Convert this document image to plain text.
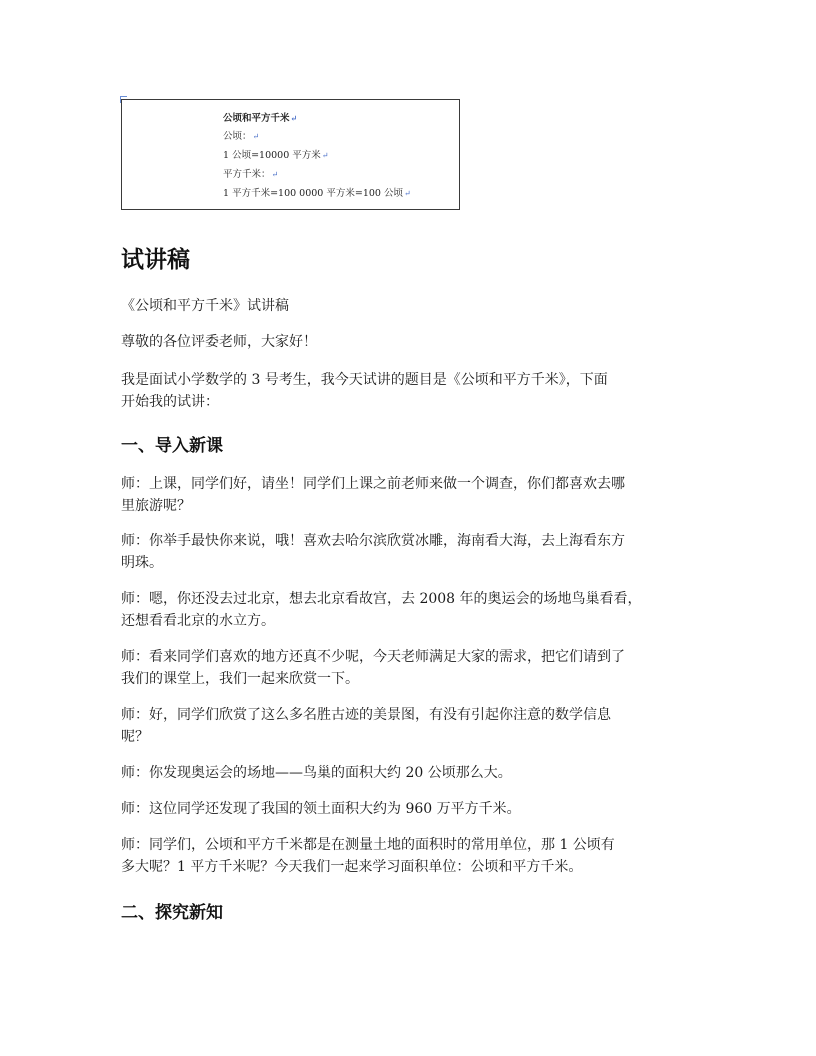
公顷和平方千米↵
公顷：↵
1 公顷=10000 平方米↵
平方千米：↵
1 平方千米=100 0000 平方米=100 公顷↵
试讲稿
《公顷和平方千米》试讲稿
尊敬的各位评委老师，大家好！
我是面试小学数学的 3 号考生，我今天试讲的题目是《公顷和平方千米》，下面
开始我的试讲：
一、导入新课
师：上课，同学们好，请坐！同学们上课之前老师来做一个调查，你们都喜欢去哪
里旅游呢？
师：你举手最快你来说，哦！喜欢去哈尔滨欣赏冰雕，海南看大海，去上海看东方
明珠。
师：嗯，你还没去过北京，想去北京看故宫，去 2008 年的奥运会的场地鸟巢看看，
还想看看北京的水立方。
师：看来同学们喜欢的地方还真不少呢，今天老师满足大家的需求，把它们请到了
我们的课堂上，我们一起来欣赏一下。
师：好，同学们欣赏了这么多名胜古迹的美景图，有没有引起你注意的数学信息
呢？
师：你发现奥运会的场地——鸟巢的面积大约 20 公顷那么大。
师：这位同学还发现了我国的领土面积大约为 960 万平方千米。
师：同学们，公顷和平方千米都是在测量土地的面积时的常用单位，那 1 公顷有
多大呢？1 平方千米呢？今天我们一起来学习面积单位：公顷和平方千米。
二、探究新知
